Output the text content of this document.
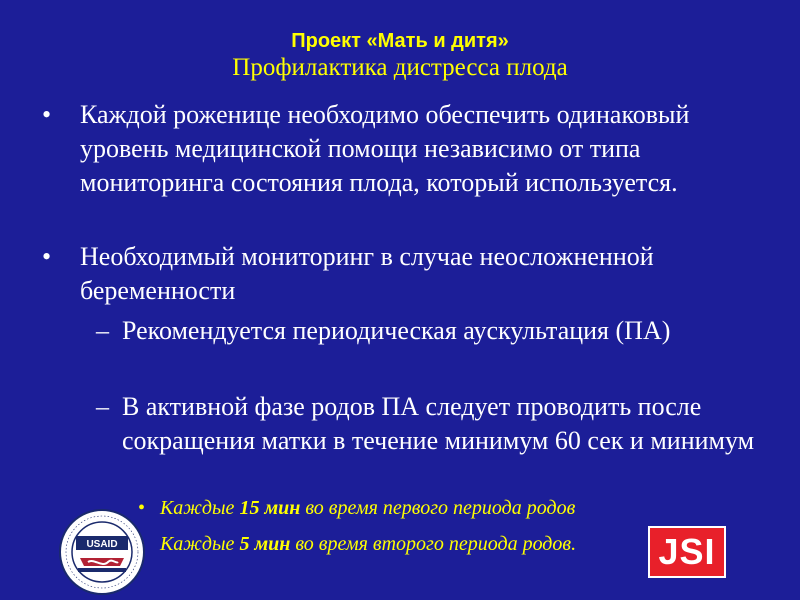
Проект «Мать и дитя»
Профилактика дистресса плода
• Каждой роженице необходимо обеспечить одинаковый уровень медицинской помощи независимо от типа мониторинга состояния плода, который используется.
• Необходимый мониторинг в случае неосложненной беременности
– Рекомендуется периодическая аускультация (ПА)
– В активной фазе родов ПА следует проводить после сокращения матки в течение минимум 60 сек и минимум
• Каждые 15 мин во время первого периода родов
Каждые 5 мин во время второго периода родов.
USAID	JSI
